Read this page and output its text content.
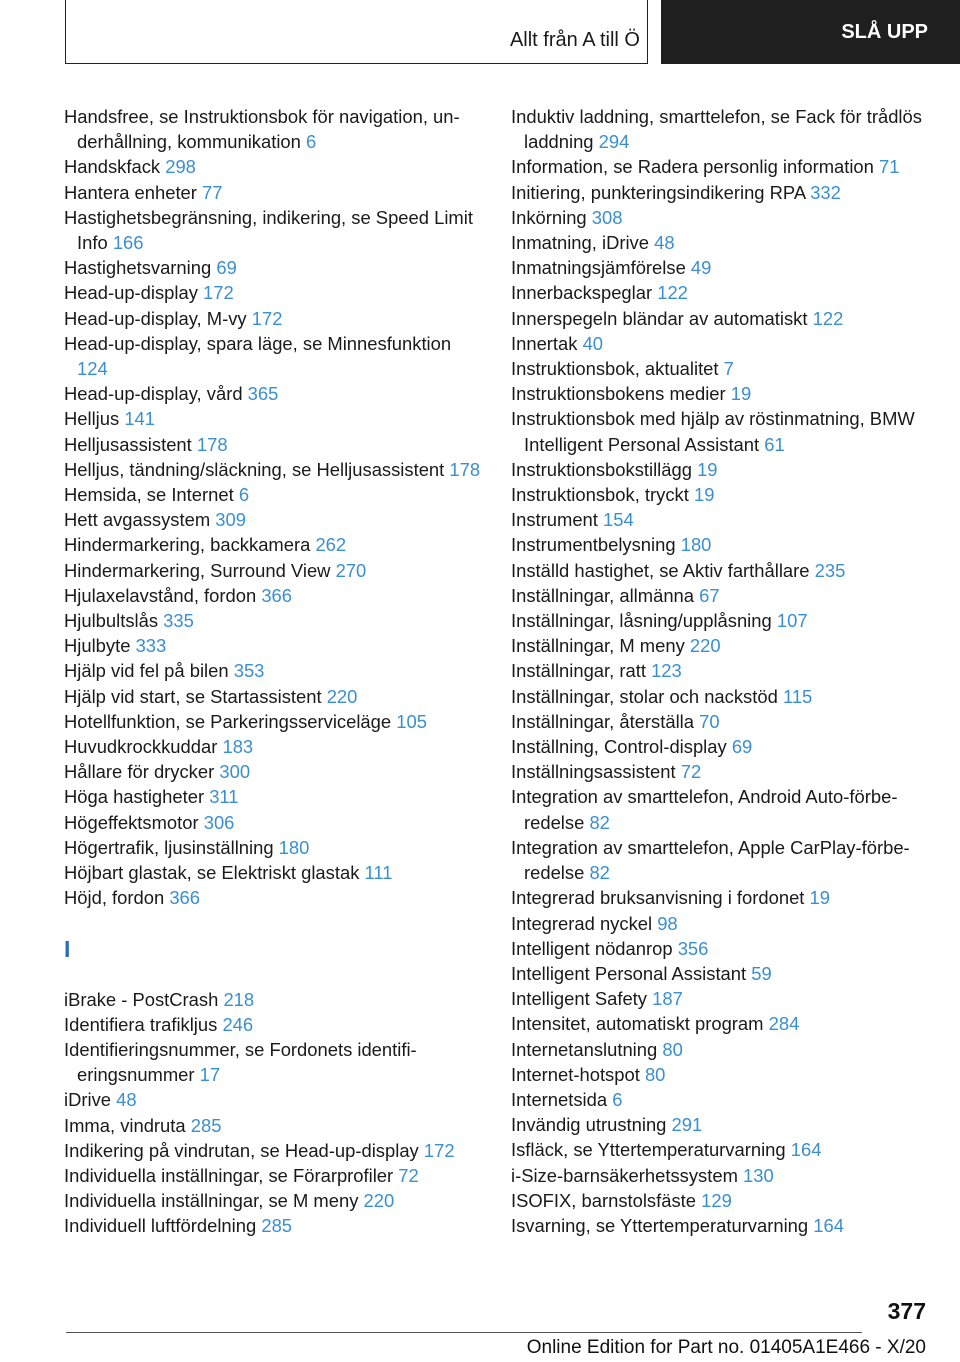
Allt från A till Ö	SLÅ UPP
Handsfree, se Instruktionsbok för navigation, underhållning, kommunikation 6
Handskfack 298
Hantera enheter 77
Hastighetsbegränsning, indikering, se Speed Limit Info 166
Hastighetsvarning 69
Head-up-display 172
Head-up-display, M-vy 172
Head-up-display, spara läge, se Minnesfunktion 124
Head-up-display, vård 365
Helljus 141
Helljusassistent 178
Helljus, tändning/släckning, se Helljusassistent 178
Hemsida, se Internet 6
Hett avgassystem 309
Hindermarkering, backkamera 262
Hindermarkering, Surround View 270
Hjulaxelavstånd, fordon 366
Hjulbultslås 335
Hjulbyte 333
Hjälp vid fel på bilen 353
Hjälp vid start, se Startassistent 220
Hotellfunktion, se Parkeringsserviceläge 105
Huvudkrockkuddar 183
Hållare för drycker 300
Höga hastigheter 311
Högeffektsmotor 306
Högertrafik, ljusinställning 180
Höjbart glastak, se Elektriskt glastak 111
Höjd, fordon 366
I
iBrake - PostCrash 218
Identifiera trafikljus 246
Identifieringsnummer, se Fordonets identifieringsnummer 17
iDrive 48
Imma, vindruta 285
Indikering på vindrutan, se Head-up-display 172
Individuella inställningar, se Förarprofiler 72
Individuella inställningar, se M meny 220
Individuell luftfördelning 285
Induktiv laddning, smarttelefon, se Fack för trådlös laddning 294
Information, se Radera personlig information 71
Initiering, punkteringsindikering RPA 332
Inkörning 308
Inmatning, iDrive 48
Inmatningsjämförelse 49
Innerbackspeglar 122
Innerspegeln bländar av automatiskt 122
Innertak 40
Instruktionsbok, aktualitet 7
Instruktionsbokens medier 19
Instruktionsbok med hjälp av röstinmatning, BMW Intelligent Personal Assistant 61
Instruktionsbokstillägg 19
Instruktionsbok, tryckt 19
Instrument 154
Instrumentbelysning 180
Inställd hastighet, se Aktiv farthållare 235
Inställningar, allmänna 67
Inställningar, låsning/upplåsning 107
Inställningar, M meny 220
Inställningar, ratt 123
Inställningar, stolar och nackstöd 115
Inställningar, återställa 70
Inställning, Control-display 69
Inställningsassistent 72
Integration av smarttelefon, Android Auto-förberedelse 82
Integration av smarttelefon, Apple CarPlay-förberedelse 82
Integrerad bruksanvisning i fordonet 19
Integrerad nyckel 98
Intelligent nödanrop 356
Intelligent Personal Assistant 59
Intelligent Safety 187
Intensitet, automatiskt program 284
Internetanslutning 80
Internet-hotspot 80
Internetsida 6
Invändig utrustning 291
Isfläck, se Yttertemperaturvarning 164
i-Size-barnsäkerhetssystem 130
ISOFIX, barnstolsfäste 129
Isvarning, se Yttertemperaturvarning 164
377
Online Edition for Part no. 01405A1E466 - X/20
